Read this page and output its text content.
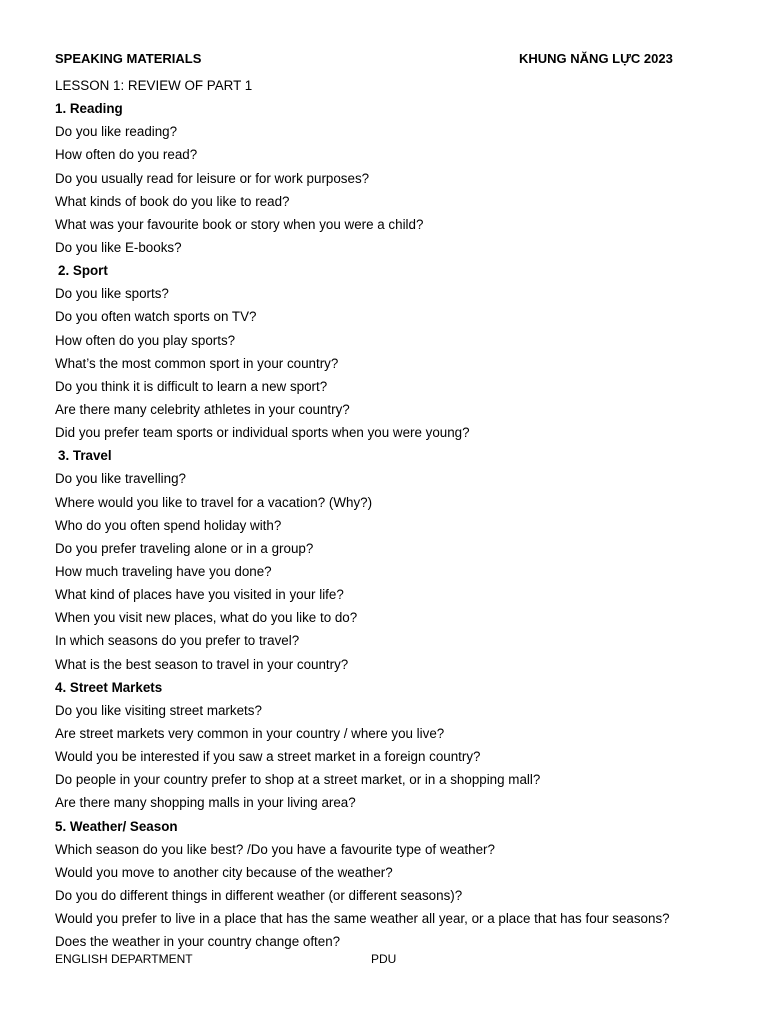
SPEAKING MATERIALS	KHUNG NĂNG LỰC 2023
LESSON 1: REVIEW OF PART 1
1. Reading
Do you like reading?
How often do you read?
Do you usually read for leisure or for work purposes?
What kinds of book do you like to read?
What was your favourite book or story when you were a child?
Do you like E-books?
2. Sport
Do you like sports?
Do you often watch sports on TV?
How often do you play sports?
What’s the most common sport in your country?
Do you think it is difficult to learn a new sport?
Are there many celebrity athletes in your country?
Did you prefer team sports or individual sports when you were young?
3. Travel
Do you like travelling?
Where would you like to travel for a vacation? (Why?)
Who do you often spend holiday with?
Do you prefer traveling alone or in a group?
How much traveling have you done?
What kind of places have you visited in your life?
When you visit new places, what do you like to do?
In which seasons do you prefer to travel?
What is the best season to travel in your country?
4. Street Markets
Do you like visiting street markets?
Are street markets very common in your country / where you live?
Would you be interested if you saw a street market in a foreign country?
Do people in your country prefer to shop at a street market, or in a shopping mall?
Are there many shopping malls in your living area?
5. Weather/ Season
Which season do you like best? /Do you have a favourite type of weather?
Would you move to another city because of the weather?
Do you do different things in different weather (or different seasons)?
Would you prefer to live in a place that has the same weather all year, or a place that has four seasons?
Does the weather in your country change often?
ENGLISH DEPARTMENT	PDU
